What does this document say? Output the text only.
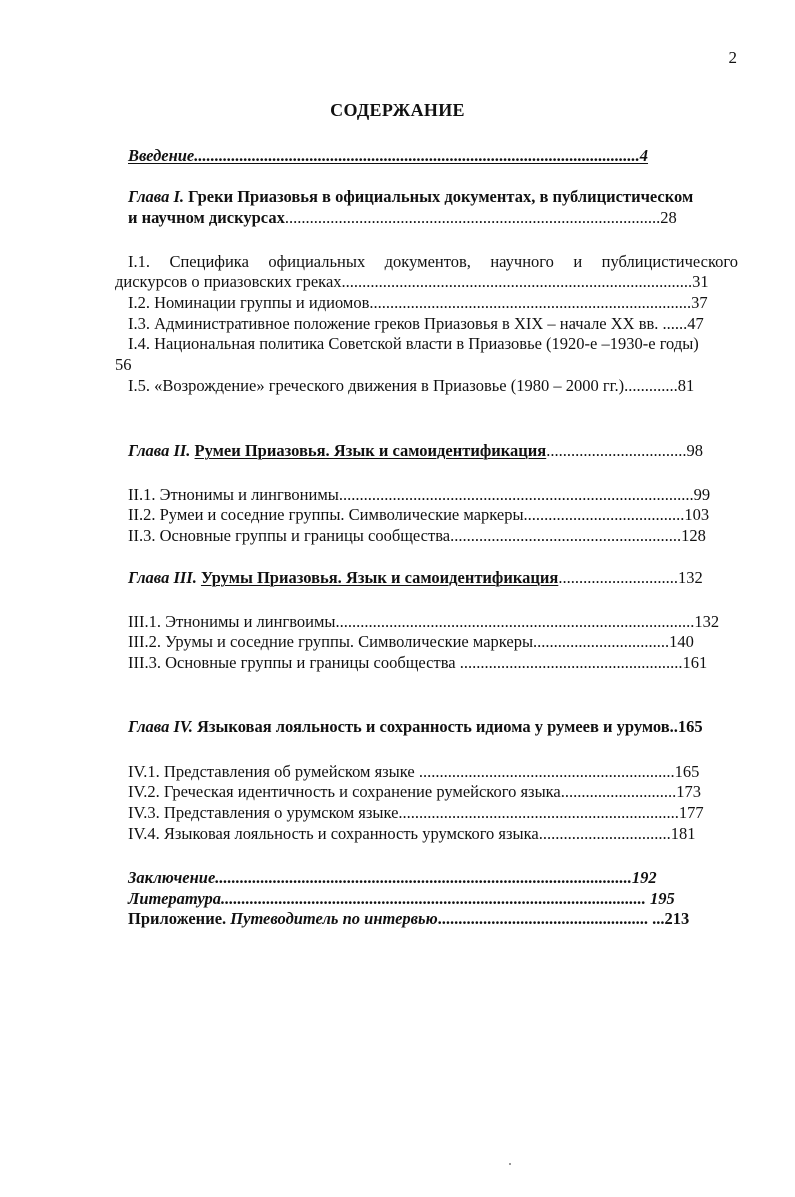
2
СОДЕРЖАНИЕ
Введение............................................................................................................4
Глава I. Греки Приазовья в официальных документах, в публицистическом
и научном дискурсах...........................................................................................28
I.1. Специфика официальных документов, научного и публицистического
дискурсов о приазовских греках.....................................................................................31
I.2. Номинации группы и идиомов..............................................................................37
I.3. Административное положение греков Приазовья в XIX – начале XX вв. ......47
I.4. Национальная политика Советской власти в Приазовье (1920-е –1930-е годы)
56
I.5. «Возрождение» греческого движения в Приазовье (1980 – 2000 гг.).............81
Глава II. Румеи Приазовья. Язык и самоидентификация..................................98
II.1. Этнонимы и лингвонимы......................................................................................99
II.2. Румеи и соседние группы. Символические маркеры.......................................103
II.3. Основные группы и границы сообщества........................................................128
Глава III. Урумы Приазовья. Язык и самоидентификация.............................132
III.1. Этнонимы и лингвоимы.......................................................................................132
III.2. Урумы и соседние группы. Символические маркеры.................................140
III.3. Основные группы и границы сообщества ......................................................161
Глава IV. Языковая лояльность и сохранность идиома у румеев и урумов..165
IV.1. Представления об румейском языке ..............................................................165
IV.2. Греческая идентичность и сохранение румейского языка............................173
IV.3. Представления о урумском языке....................................................................177
IV.4. Языковая лояльность и сохранность урумского языка................................181
Заключение.....................................................................................................192
Литература....................................................................................................... 195
Приложение. Путеводитель по интервью................................................... ...213
